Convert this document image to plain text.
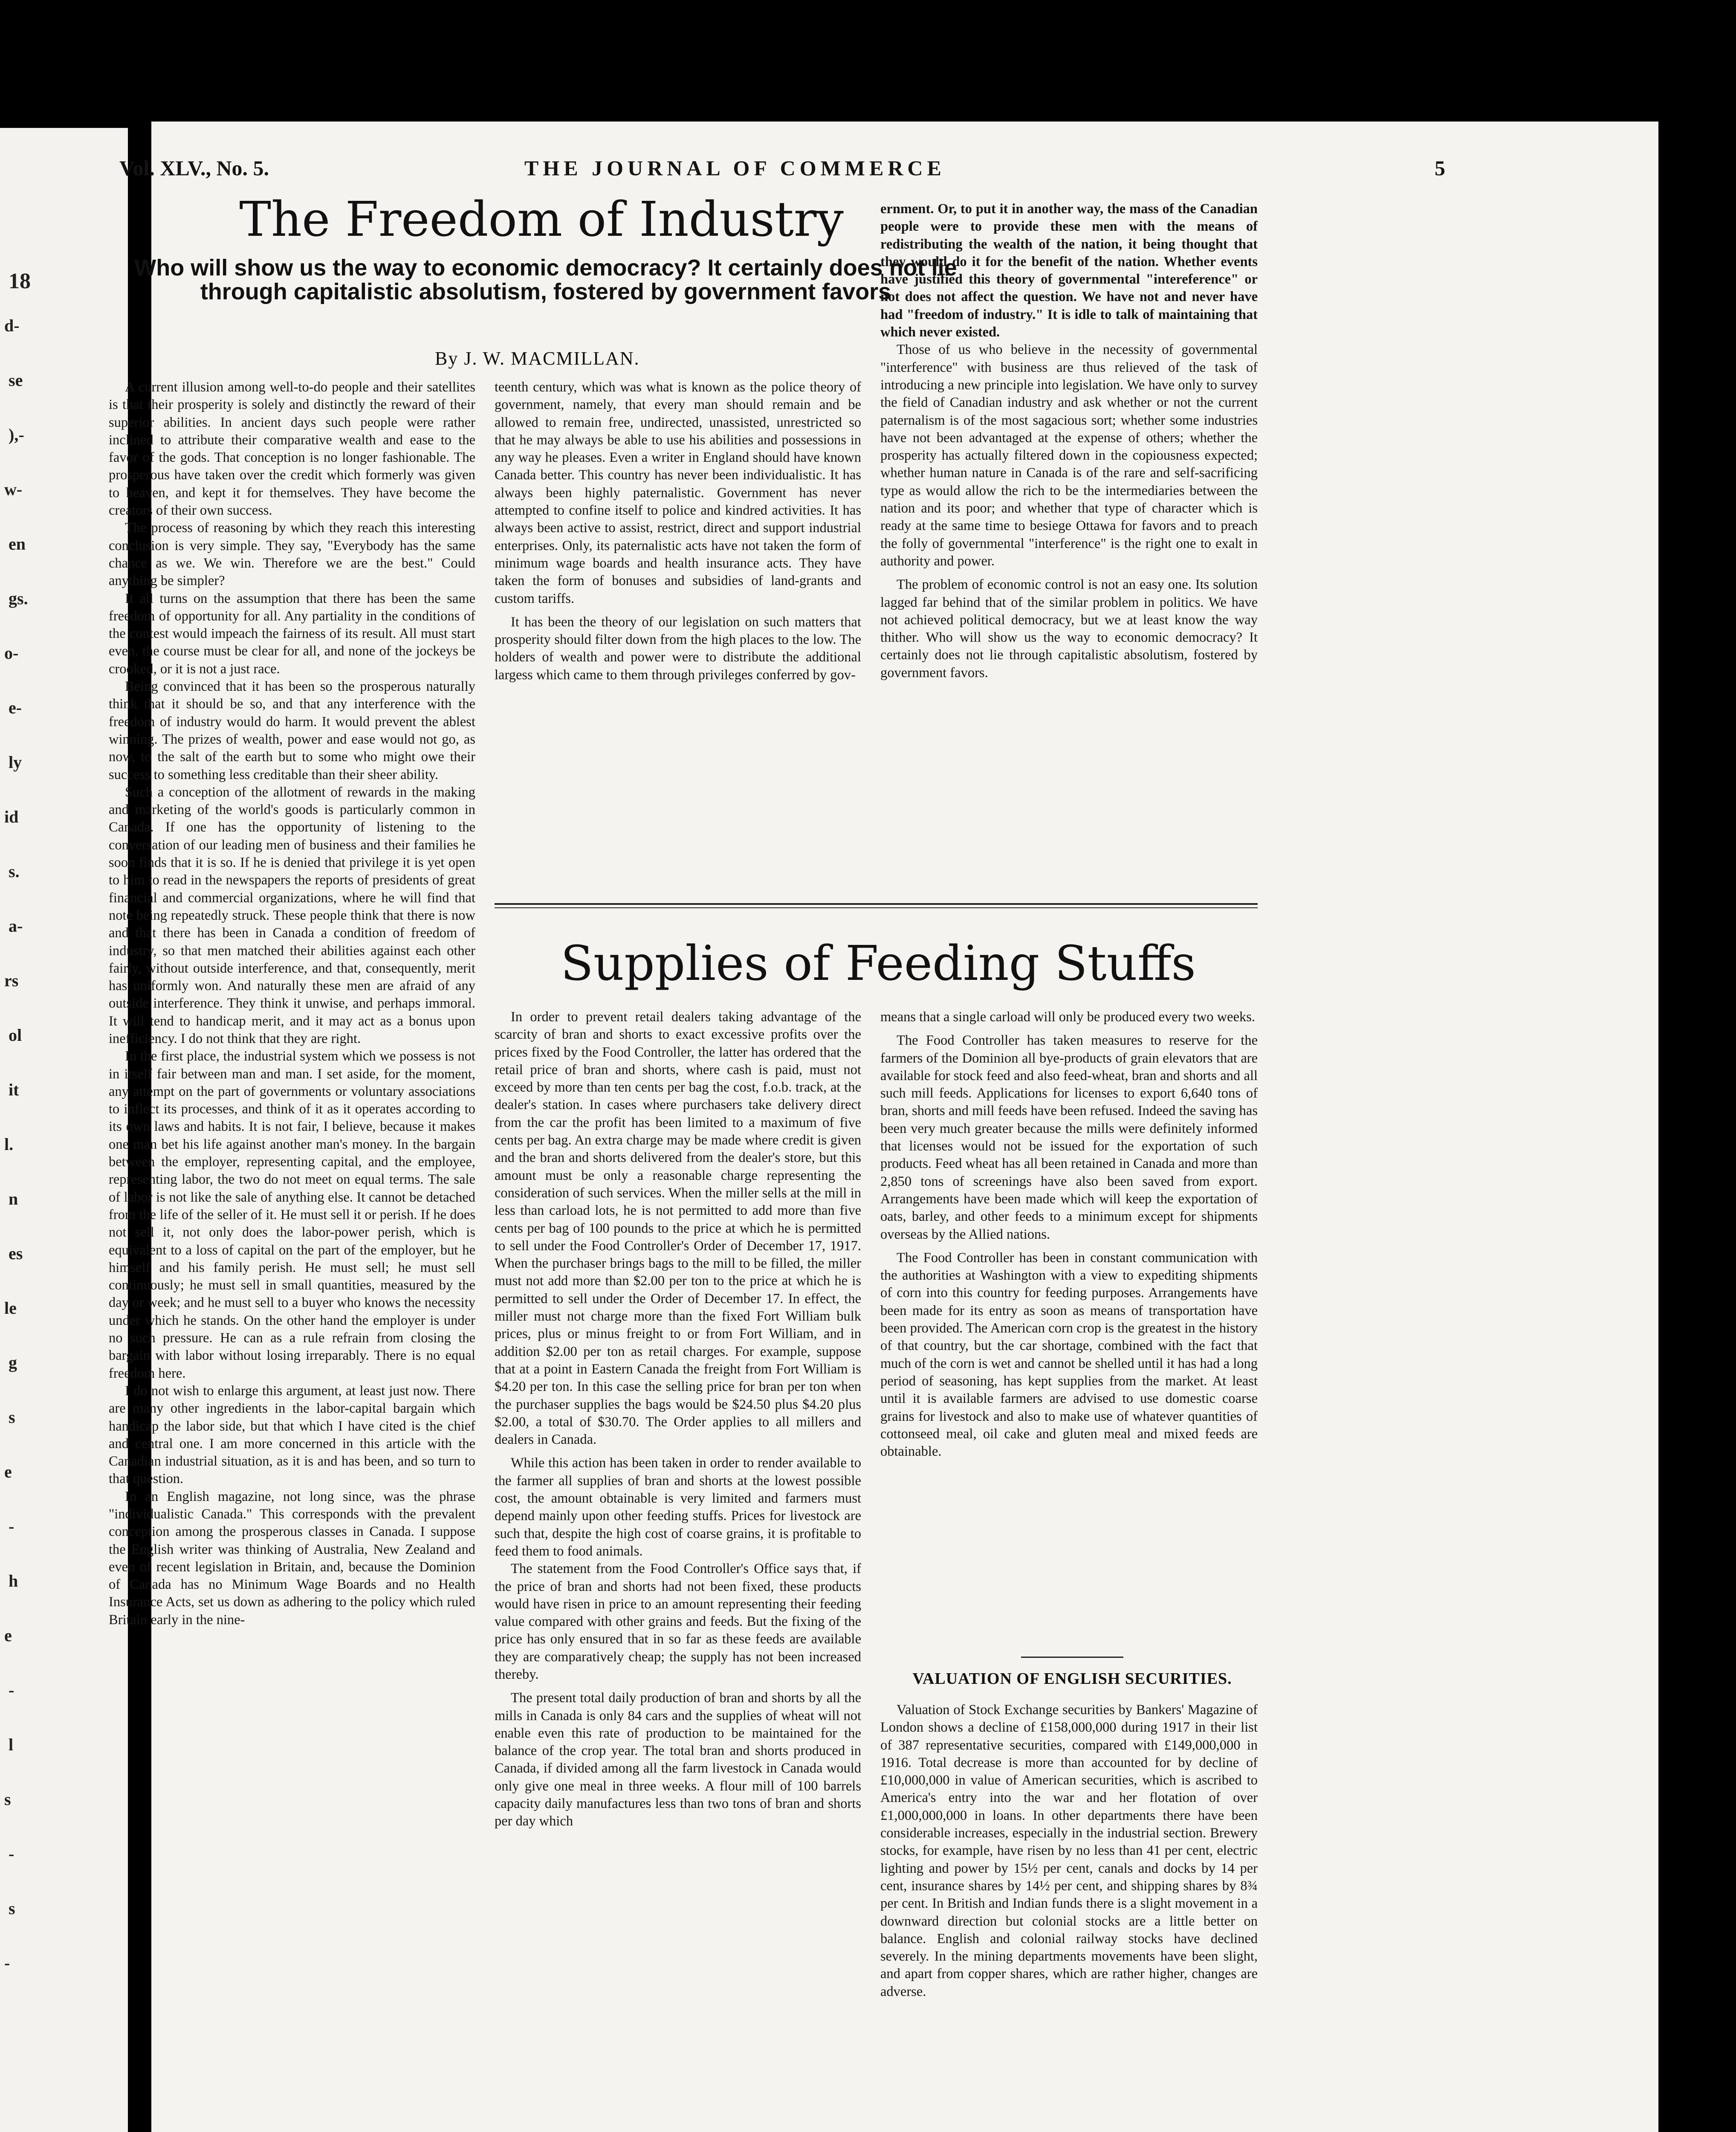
18
d-
se
),-
w-
en
gs.
o-
e-
ly
id
s.
a-
rs
ol
it
l.
n
es
le
g
s
e
-
h
e
-
l
s
-
s
-
Vol. XLV., No. 5.	THE JOURNAL OF COMMERCE	5
The Freedom of Industry
Who will show us the way to economic democracy? It certainly does not lie through capitalistic absolutism, fostered by government favors
By J. W. MACMILLAN.

A current illusion among well-to-do people and their satellites is that their prosperity is solely and distinctly the reward of their superior abilities. In ancient days such people were rather inclined to attribute their comparative wealth and ease to the favor of the gods. That conception is no longer fashionable. The prosperous have taken over the credit which formerly was given to heaven, and kept it for themselves. They have become the creators of their own success.

The process of reasoning by which they reach this interesting conclusion is very simple. They say, "Everybody has the same chance as we. We win. Therefore we are the best." Could anything be simpler?

It all turns on the assumption that there has been the same freedom of opportunity for all. Any partiality in the conditions of the contest would impeach the fairness of its result. All must start even, the course must be clear for all, and none of the jockeys be crooked, or it is not a just race.

Being convinced that it has been so the prosperous naturally think that it should be so, and that any interference with the freedom of industry would do harm. It would prevent the ablest winning. The prizes of wealth, power and ease would not go, as now, to the salt of the earth but to some who might owe their success to something less creditable than their sheer ability.

Such a conception of the allotment of rewards in the making and marketing of the world's goods is particularly common in Canada. If one has the opportunity of listening to the conversation of our leading men of business and their families he soon finds that it is so. If he is denied that privilege it is yet open to him to read in the newspapers the reports of presidents of great financial and commercial organizations, where he will find that note being repeatedly struck. These people think that there is now and that there has been in Canada a condition of freedom of industry, so that men matched their abilities against each other fairly, without outside interference, and that, consequently, merit has uniformly won. And naturally these men are afraid of any outside interference. They think it unwise, and perhaps immoral. It will tend to handicap merit, and it may act as a bonus upon inefficiency. I do not think that they are right.

In the first place, the industrial system which we possess is not in itself fair between man and man. I set aside, for the moment, any attempt on the part of governments or voluntary associations to inflect its processes, and think of it as it operates according to its own laws and habits. It is not fair, I believe, because it makes one man bet his life against another man's money. In the bargain between the employer, representing capital, and the employee, representing labor, the two do not meet on equal terms. The sale of labor is not like the sale of anything else. It cannot be detached from the life of the seller of it. He must sell it or perish. If he does not sell it, not only does the labor-power perish, which is equivalent to a loss of capital on the part of the employer, but he himself and his family perish. He must sell; he must sell continuously; he must sell in small quantities, measured by the day or week; and he must sell to a buyer who knows the necessity under which he stands. On the other hand the employer is under no such pressure. He can as a rule refrain from closing the bargain with labor without losing irreparably. There is no equal freedom here.

I do not wish to enlarge this argument, at least just now. There are many other ingredients in the labor-capital bargain which handicap the labor side, but that which I have cited is the chief and central one. I am more concerned in this article with the Canadian industrial situation, as it is and has been, and so turn to that question.

In an English magazine, not long since, was the phrase "individualistic Canada." This corresponds with the prevalent conception among the prosperous classes in Canada. I suppose the English writer was thinking of Australia, New Zealand and even of recent legislation in Britain, and, because the Dominion of Canada has no Minimum Wage Boards and no Health Insurance Acts, set us down as adhering to the policy which ruled Britain early in the nine-

teenth century, which was what is known as the police theory of government, namely, that every man should remain and be allowed to remain free, undirected, unassisted, unrestricted so that he may always be able to use his abilities and possessions in any way he pleases. Even a writer in England should have known Canada better. This country has never been individualistic. It has always been highly paternalistic. Government has never attempted to confine itself to police and kindred activities. It has always been active to assist, restrict, direct and support industrial enterprises. Only, its paternalistic acts have not taken the form of minimum wage boards and health insurance acts. They have taken the form of bonuses and subsidies of land-grants and custom tariffs.

It has been the theory of our legislation on such matters that prosperity should filter down from the high places to the low. The holders of wealth and power were to distribute the additional largess which came to them through privileges conferred by gov-

ernment. Or, to put it in another way, the mass of the Canadian people were to provide these men with the means of redistributing the wealth of the nation, it being thought that they would do it for the benefit of the nation. Whether events have justified this theory of governmental "intereference" or not does not affect the question. We have not and never have had "freedom of industry." It is idle to talk of maintaining that which never existed.

Those of us who believe in the necessity of governmental "interference" with business are thus relieved of the task of introducing a new principle into legislation. We have only to survey the field of Canadian industry and ask whether or not the current paternalism is of the most sagacious sort; whether some industries have not been advantaged at the expense of others; whether the prosperity has actually filtered down in the copiousness expected; whether human nature in Canada is of the rare and self-sacrificing type as would allow the rich to be the intermediaries between the nation and its poor; and whether that type of character which is ready at the same time to besiege Ottawa for favors and to preach the folly of governmental "interference" is the right one to exalt in authority and power.

The problem of economic control is not an easy one. Its solution lagged far behind that of the similar problem in politics. We have not achieved political democracy, but we at least know the way thither. Who will show us the way to economic democracy? It certainly does not lie through capitalistic absolutism, fostered by government favors.

Supplies of Feeding Stuffs

In order to prevent retail dealers taking advantage of the scarcity of bran and shorts to exact excessive profits over the prices fixed by the Food Controller, the latter has ordered that the retail price of bran and shorts, where cash is paid, must not exceed by more than ten cents per bag the cost, f.o.b. track, at the dealer's station. In cases where purchasers take delivery direct from the car the profit has been limited to a maximum of five cents per bag. An extra charge may be made where credit is given and the bran and shorts delivered from the dealer's store, but this amount must be only a reasonable charge representing the consideration of such services. When the miller sells at the mill in less than carload lots, he is not permitted to add more than five cents per bag of 100 pounds to the price at which he is permitted to sell under the Food Controller's Order of December 17, 1917. When the purchaser brings bags to the mill to be filled, the miller must not add more than $2.00 per ton to the price at which he is permitted to sell under the Order of December 17. In effect, the miller must not charge more than the fixed Fort William bulk prices, plus or minus freight to or from Fort William, and in addition $2.00 per ton as retail charges. For example, suppose that at a point in Eastern Canada the freight from Fort William is $4.20 per ton. In this case the selling price for bran per ton when the purchaser supplies the bags would be $24.50 plus $4.20 plus $2.00, a total of $30.70. The Order applies to all millers and dealers in Canada.

While this action has been taken in order to render available to the farmer all supplies of bran and shorts at the lowest possible cost, the amount obtainable is very limited and farmers must depend mainly upon other feeding stuffs. Prices for livestock are such that, despite the high cost of coarse grains, it is profitable to feed them to food animals.

The statement from the Food Controller's Office says that, if the price of bran and shorts had not been fixed, these products would have risen in price to an amount representing their feeding value compared with other grains and feeds. But the fixing of the price has only ensured that in so far as these feeds are available they are comparatively cheap; the supply has not been increased thereby.

The present total daily production of bran and shorts by all the mills in Canada is only 84 cars and the supplies of wheat will not enable even this rate of production to be maintained for the balance of the crop year. The total bran and shorts produced in Canada, if divided among all the farm livestock in Canada would only give one meal in three weeks. A flour mill of 100 barrels capacity daily manufactures less than two tons of bran and shorts per day which

means that a single carload will only be produced every two weeks.

The Food Controller has taken measures to reserve for the farmers of the Dominion all bye-products of grain elevators that are available for stock feed and also feed-wheat, bran and shorts and all such mill feeds. Applications for licenses to export 6,640 tons of bran, shorts and mill feeds have been refused. Indeed the saving has been very much greater because the mills were definitely informed that licenses would not be issued for the exportation of such products. Feed wheat has all been retained in Canada and more than 2,850 tons of screenings have also been saved from export. Arrangements have been made which will keep the exportation of oats, barley, and other feeds to a minimum except for shipments overseas by the Allied nations.

The Food Controller has been in constant communication with the authorities at Washington with a view to expediting shipments of corn into this country for feeding purposes. Arrangements have been made for its entry as soon as means of transportation have been provided. The American corn crop is the greatest in the history of that country, but the car shortage, combined with the fact that much of the corn is wet and cannot be shelled until it has had a long period of seasoning, has kept supplies from the market. At least until it is available farmers are advised to use domestic coarse grains for livestock and also to make use of whatever quantities of cottonseed meal, oil cake and gluten meal and mixed feeds are obtainable.

VALUATION OF ENGLISH SECURITIES.

Valuation of Stock Exchange securities by Bankers' Magazine of London shows a decline of £158,000,000 during 1917 in their list of 387 representative securities, compared with £149,000,000 in 1916. Total decrease is more than accounted for by decline of £10,000,000 in value of American securities, which is ascribed to America's entry into the war and her flotation of over £1,000,000,000 in loans. In other departments there have been considerable increases, especially in the industrial section. Brewery stocks, for example, have risen by no less than 41 per cent, electric lighting and power by 15½ per cent, canals and docks by 14 per cent, insurance shares by 14½ per cent, and shipping shares by 8¾ per cent. In British and Indian funds there is a slight movement in a downward direction but colonial stocks are a little better on balance. English and colonial railway stocks have declined severely. In the mining departments movements have been slight, and apart from copper shares, which are rather higher, changes are adverse.
